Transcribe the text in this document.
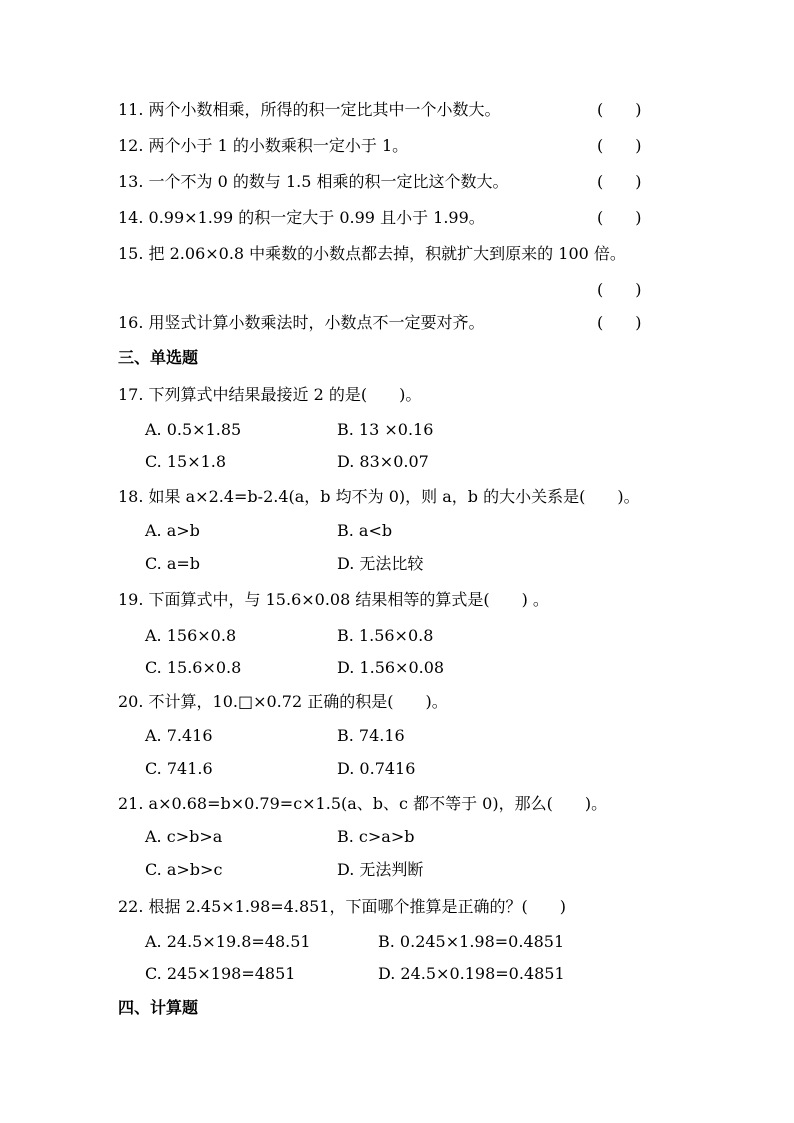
11. 两个小数相乘，所得的积一定比其中一个小数大。	(　　)
12. 两个小于 1 的小数乘积一定小于 1。	(　　)
13. 一个不为 0 的数与 1.5 相乘的积一定比这个数大。	(　　)
14. 0.99×1.99 的积一定大于 0.99 且小于 1.99。	(　　)
15. 把 2.06×0.8 中乘数的小数点都去掉，积就扩大到原来的 100 倍。
(　　)
16. 用竖式计算小数乘法时，小数点不一定要对齐。	(　　)
三、单选题
17. 下列算式中结果最接近 2 的是(　　)。
A. 0.5×1.85	B. 13 ×0.16
C. 15×1.8	D. 83×0.07
18. 如果 a×2.4=b-2.4(a，b 均不为 0)，则 a，b 的大小关系是(　　)。
A. a>b	B. a<b
C. a=b	D. 无法比较
19. 下面算式中，与 15.6×0.08 结果相等的算式是(　　) 。
A. 156×0.8	B. 1.56×0.8
C. 15.6×0.8	D. 1.56×0.08
20. 不计算，10.□×0.72 正确的积是(　　)。
A. 7.416	B. 74.16
C. 741.6	D. 0.7416
21. a×0.68=b×0.79=c×1.5(a、b、c 都不等于 0)，那么(　　)。
A. c>b>a	B. c>a>b
C. a>b>c	D. 无法判断
22. 根据 2.45×1.98=4.851，下面哪个推算是正确的？(　　)
A. 24.5×19.8=48.51	B. 0.245×1.98=0.4851
C. 245×198=4851	D. 24.5×0.198=0.4851
四、计算题
